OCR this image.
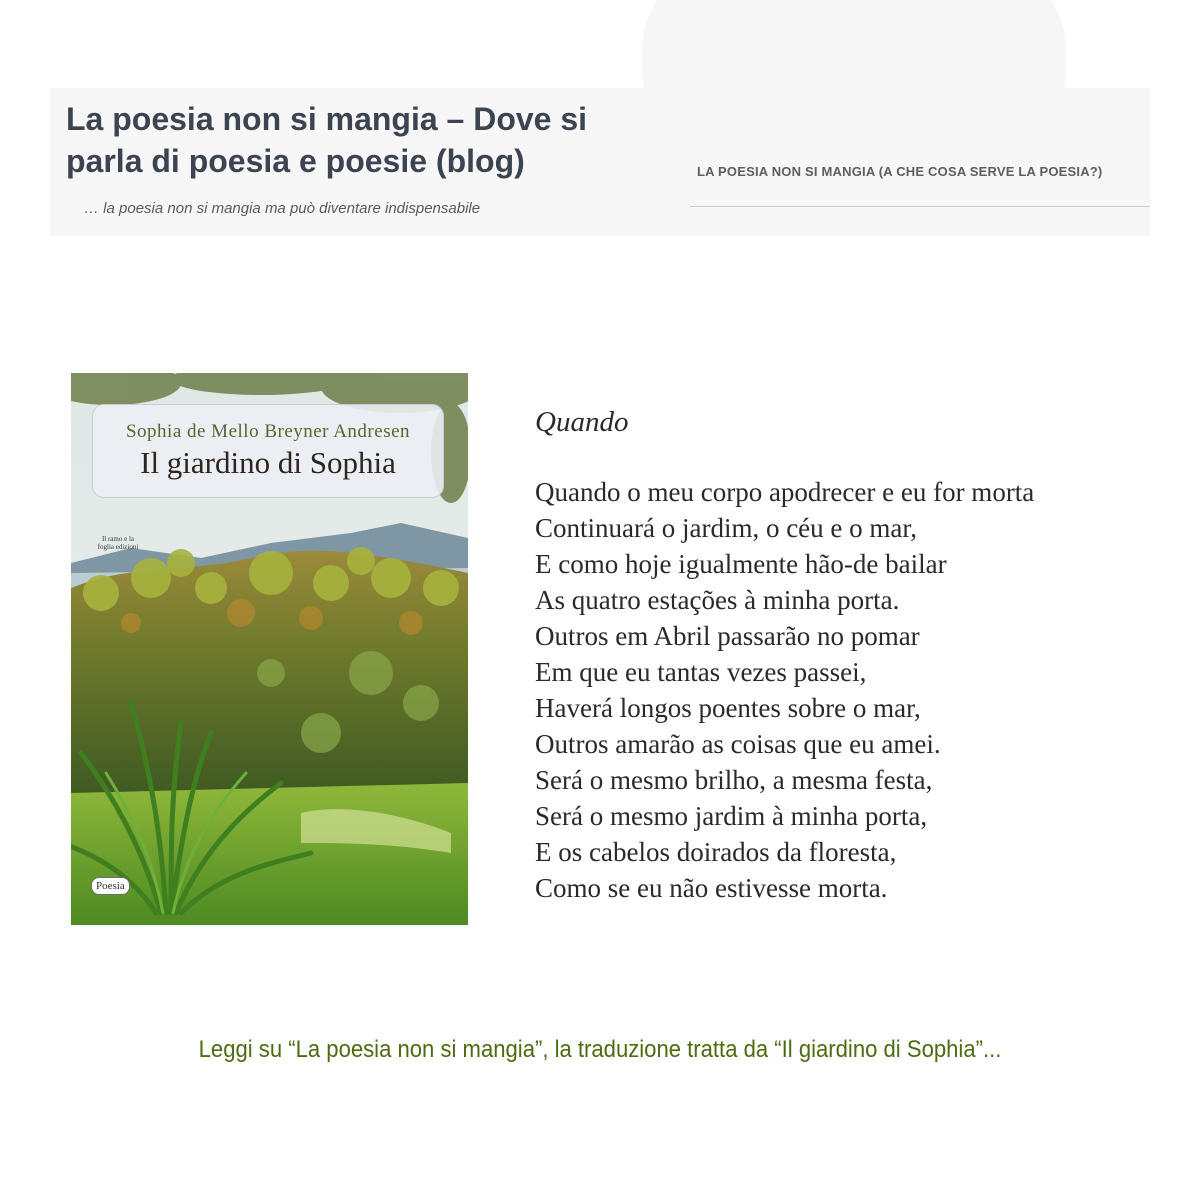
La poesia non si mangia – Dove si parla di poesia e poesie (blog)
… la poesia non si mangia ma può diventare indispensabile
LA POESIA NON SI MANGIA (A CHE COSA SERVE LA POESIA?)
Sophia de Mello Breyner Andresen
Il giardino di Sophia
Il ramo e la foglia edizioni
Poesia
Quando
Quando o meu corpo apodrecer e eu for morta
Continuará o jardim, o céu e o mar,
E como hoje igualmente hão-de bailar
As quatro estações à minha porta.
Outros em Abril passarão no pomar
Em que eu tantas vezes passei,
Haverá longos poentes sobre o mar,
Outros amarão as coisas que eu amei.
Será o mesmo brilho, a mesma festa,
Será o mesmo jardim à minha porta,
E os cabelos doirados da floresta,
Como se eu não estivesse morta.
Leggi su “La poesia non si mangia”, la traduzione tratta da “Il giardino di Sophia”...
